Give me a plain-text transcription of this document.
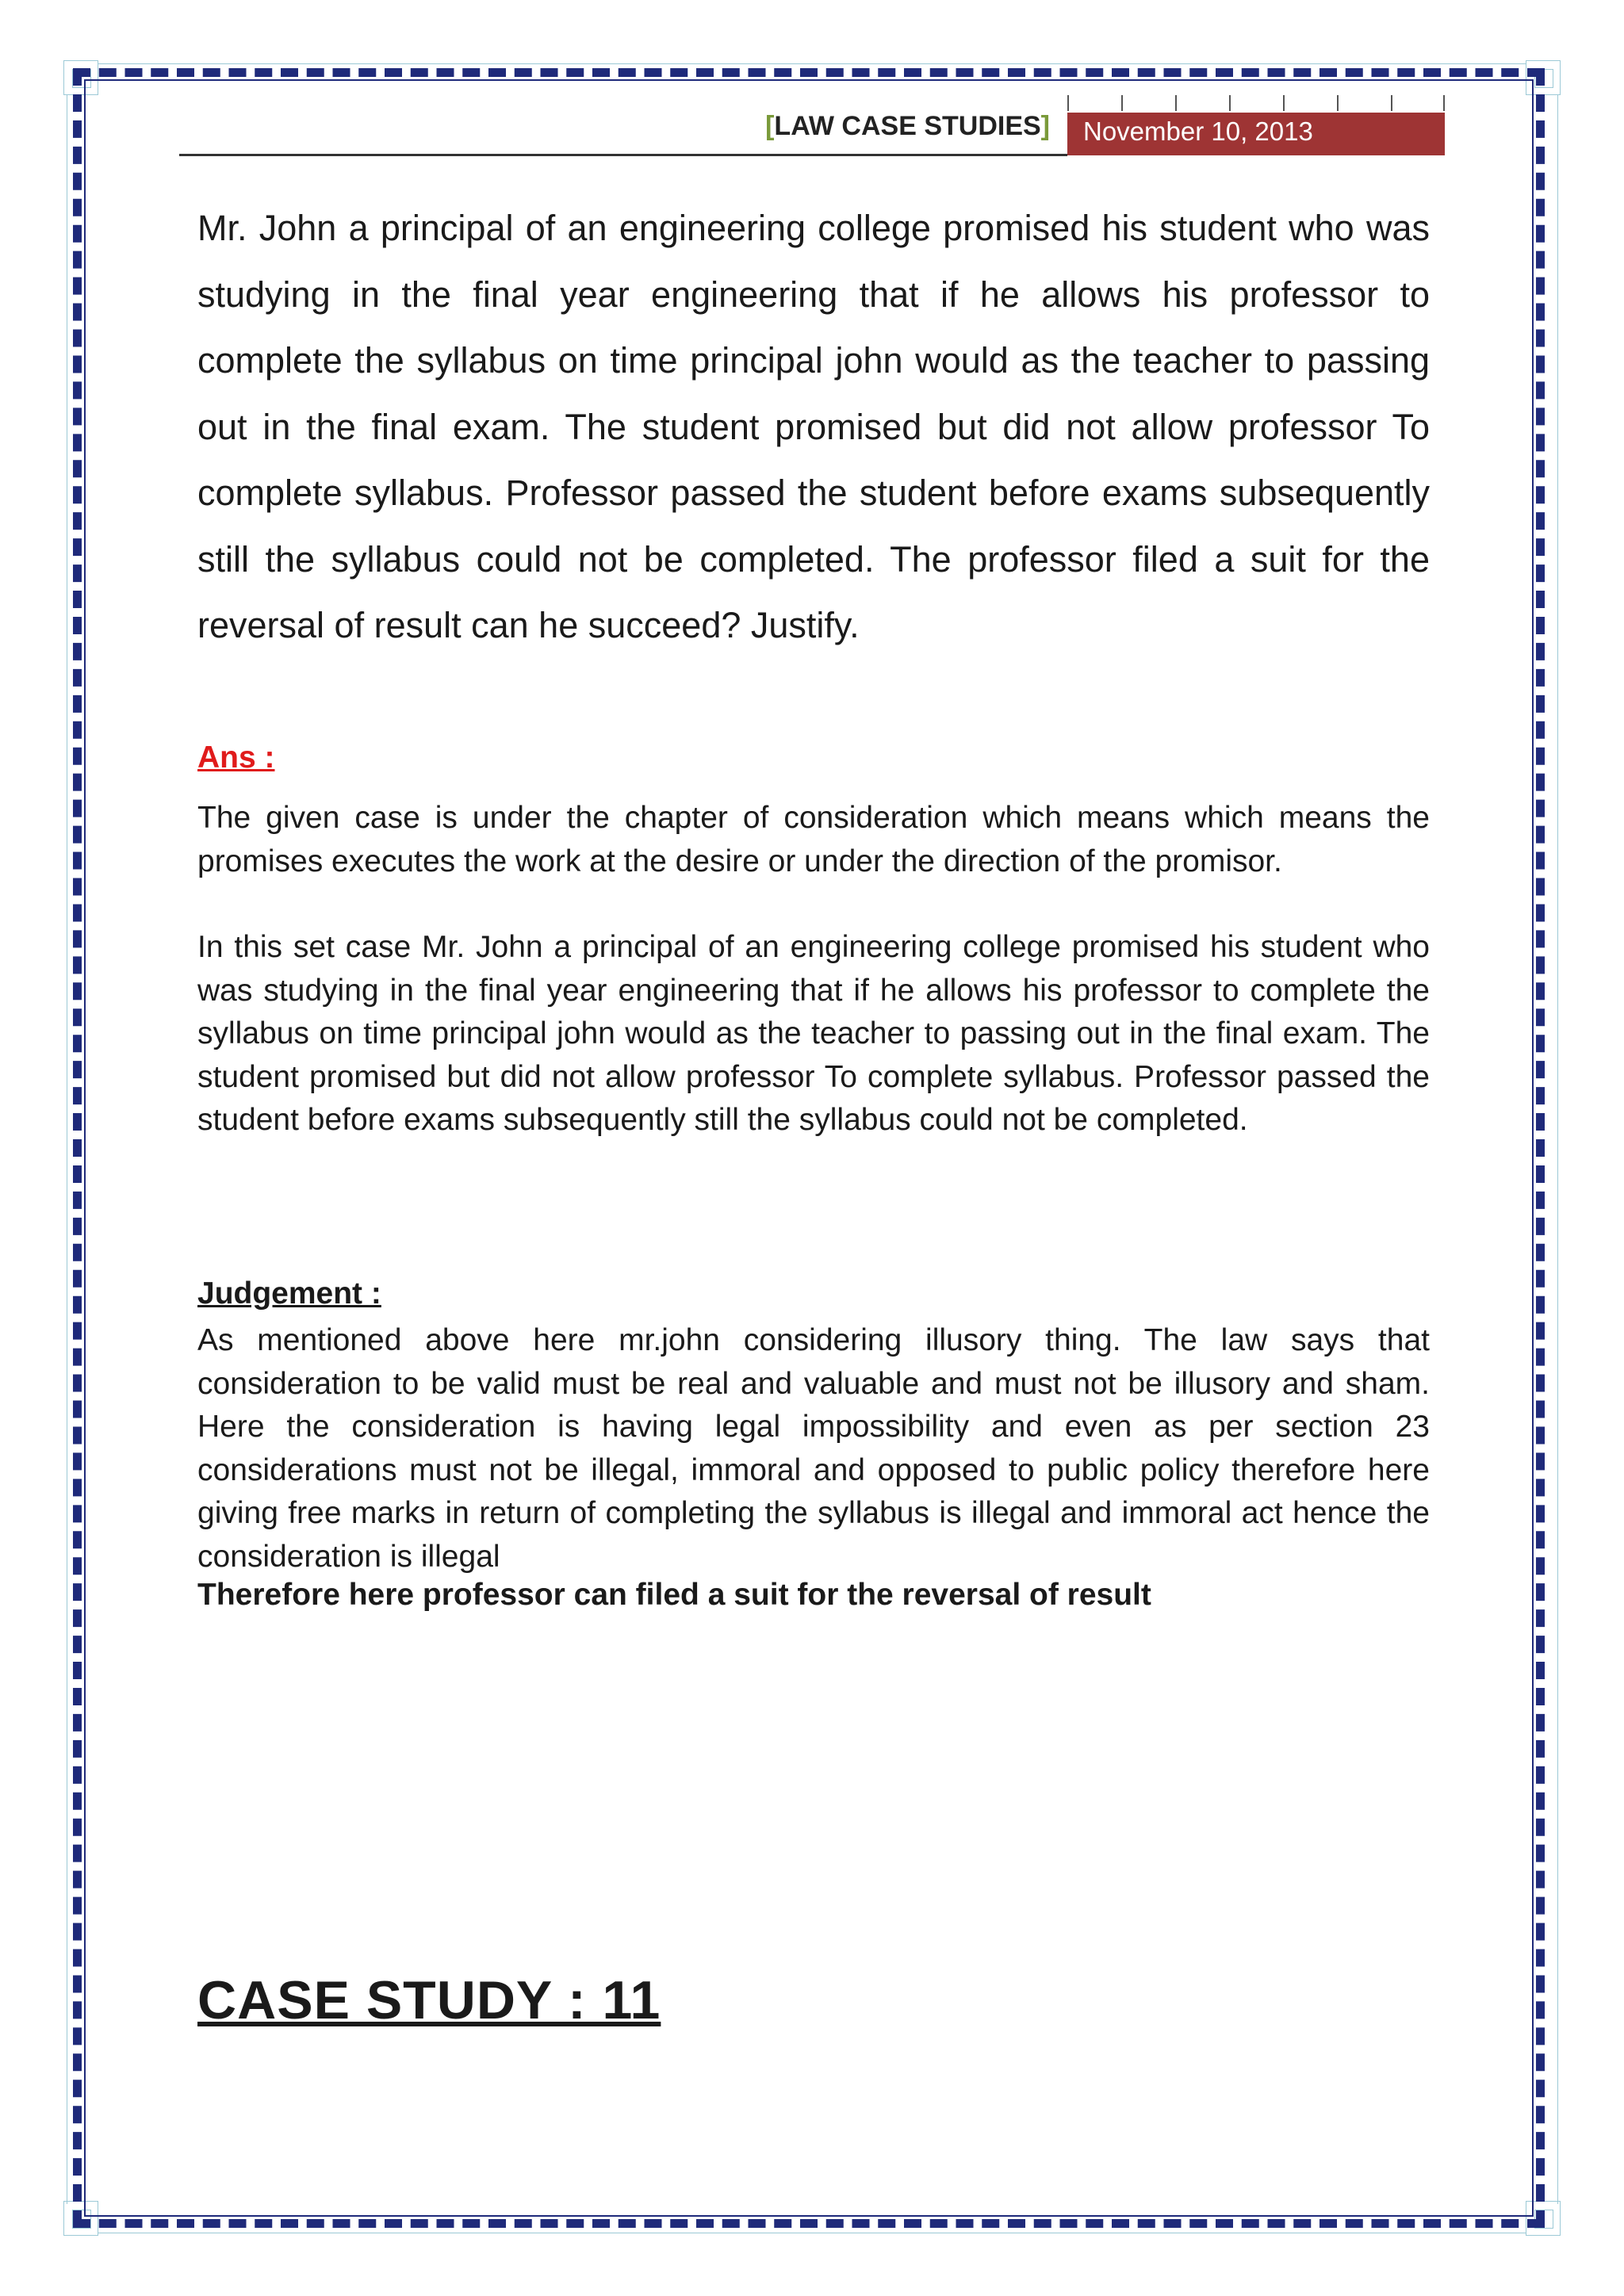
[LAW CASE STUDIES]	November 10, 2013
Mr. John a principal of an engineering college promised his student who was studying in the final year engineering that if he allows his professor to complete the syllabus on time principal john would as the teacher to passing out in the final exam. The student promised but did not allow professor To complete syllabus. Professor passed the student before exams subsequently still the syllabus could not be completed. The professor filed a suit for the reversal of result can he succeed? Justify.
Ans :
The given case is under the chapter of consideration which means which means the promises executes the work at the desire or under the direction of the promisor.
In this set case Mr. John a principal of an engineering college promised his student who was studying in the final year engineering that if he allows his professor to complete the syllabus on time principal john would as the teacher to passing out in the final exam. The student promised but did not allow professor To complete syllabus. Professor passed the student before exams subsequently still the syllabus could not be completed.
Judgement :
As mentioned above here mr.john considering illusory thing. The law says that consideration to be valid must be real and valuable and must not be illusory and sham. Here the consideration is having legal impossibility and even as per section 23 considerations must not be illegal, immoral and opposed to public policy therefore here giving free marks in return of completing the syllabus is illegal and immoral act hence the consideration is illegal
Therefore here professor can filed a suit for the reversal of result
CASE STUDY : 11
